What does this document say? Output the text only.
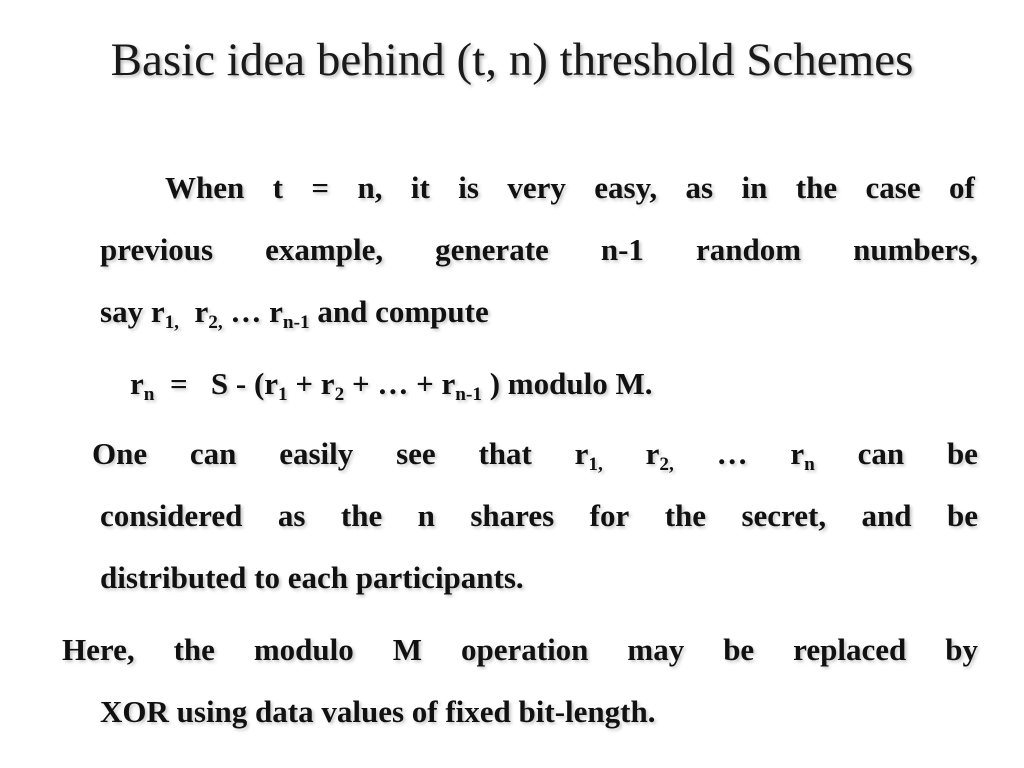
Basic idea behind (t, n) threshold Schemes
When t = n, it is very easy, as in the case of
previous example, generate n-1 random numbers,
say $r_{1,}$ $r_{2,}$ … $r_{n-1}$ and compute
$r_n = S - (r_1 + r_2$ + … + $r_{n-1}$ ) modulo M.
One can easily see that $r_{1,}$ $r_{2,}$ … $r_n$ can be
considered as the n shares for the secret, and be
distributed to each participants.
Here, the modulo M operation may be replaced by
XOR using data values of fixed bit-length.
